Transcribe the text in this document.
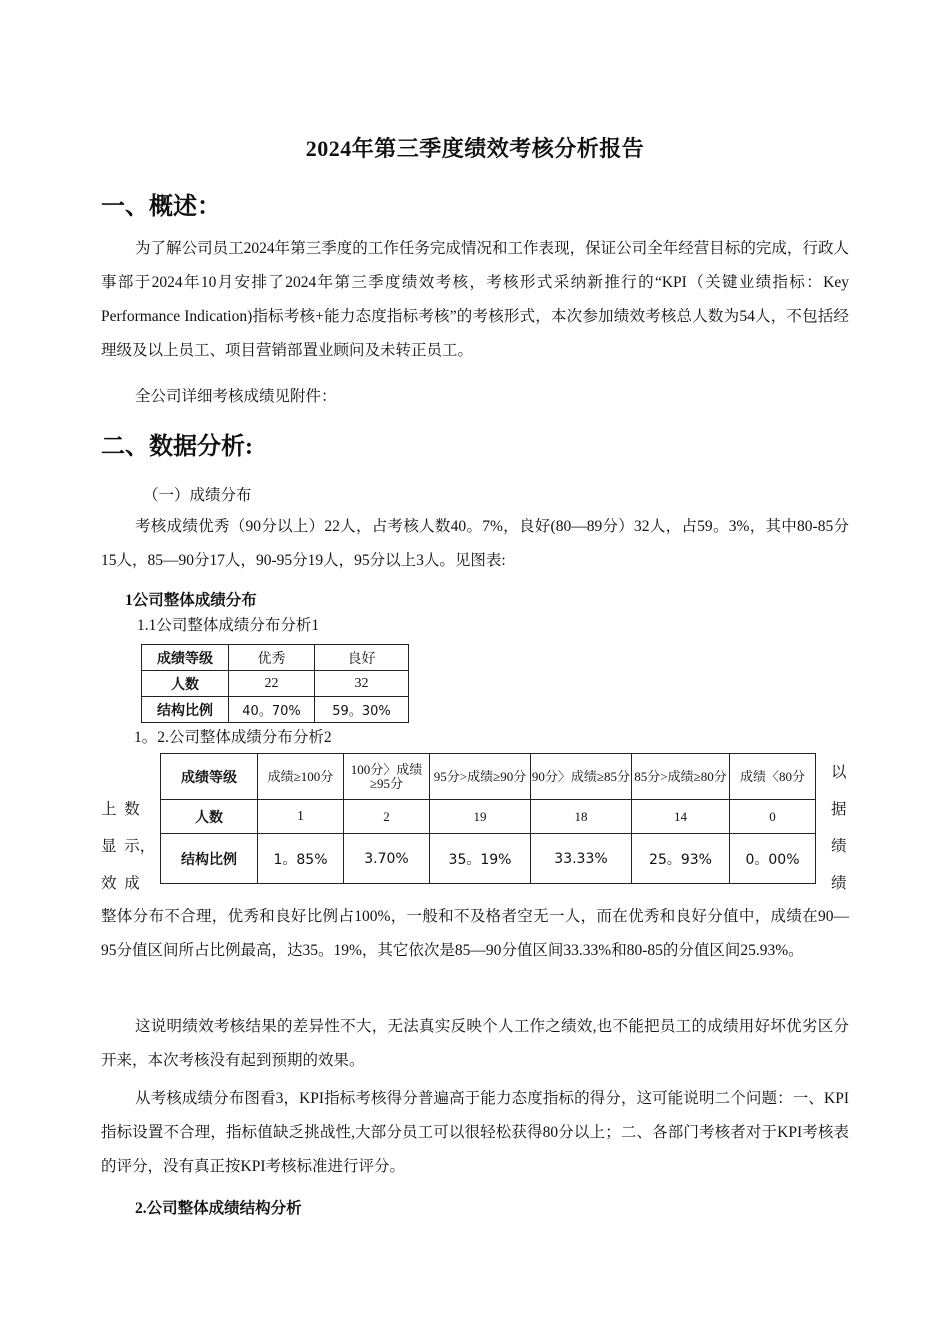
2024年第三季度绩效考核分析报告
一、概述：

为了解公司员工2024年第三季度的工作任务完成情况和工作表现，保证公司全年经营目标的完成，行政人事部于2024年10月安排了2024年第三季度绩效考核，考核形式采纳新推行的“KPI（关键业绩指标：Key Performance Indication)指标考核+能力态度指标考核”的考核形式，本次参加绩效考核总人数为54人，不包括经理级及以上员工、项目营销部置业顾问及未转正员工。

全公司详细考核成绩见附件：

二、数据分析:
（一）成绩分布

考核成绩优秀（90分以上）22人，占考核人数40。7%，良好(80—89分）32人，占59。3%，其中80-85分15人，85—90分17人，90-95分19人，95分以上3人。见图表:

1公司整体成绩分布
1.1公司整体成绩分布分析1
成绩等级	优秀	良好
人数	22	32
结构比例	40。70%	59。30%
1。2.公司整体成绩分布分析2
成绩等级	成绩≥100分	100分〉成绩≥95分	95分>成绩≥90分	90分〉成绩≥85分	85分>成绩≥80分	成绩〈80分
人数	1	2	19	18	14	0
结构比例	1。85%	3.70%	35。19%	33.33%	25。93%	0。00%
上  数
显  示，
效  成
以
据
绩
绩

整体分布不合理，优秀和良好比例占100%，一般和不及格者空无一人，而在优秀和良好分值中，成绩在90—95分值区间所占比例最高，达35。19%，其它依次是85—90分值区间33.33%和80-85的分值区间25.93%。

这说明绩效考核结果的差异性不大，无法真实反映个人工作之绩效,也不能把员工的成绩用好坏优劣区分开来，本次考核没有起到预期的效果。

从考核成绩分布图看3，KPI指标考核得分普遍高于能力态度指标的得分，这可能说明二个问题：一、KPI指标设置不合理，指标值缺乏挑战性,大部分员工可以很轻松获得80分以上；二、各部门考核者对于KPI考核表的评分，没有真正按KPI考核标准进行评分。

2.公司整体成绩结构分析
